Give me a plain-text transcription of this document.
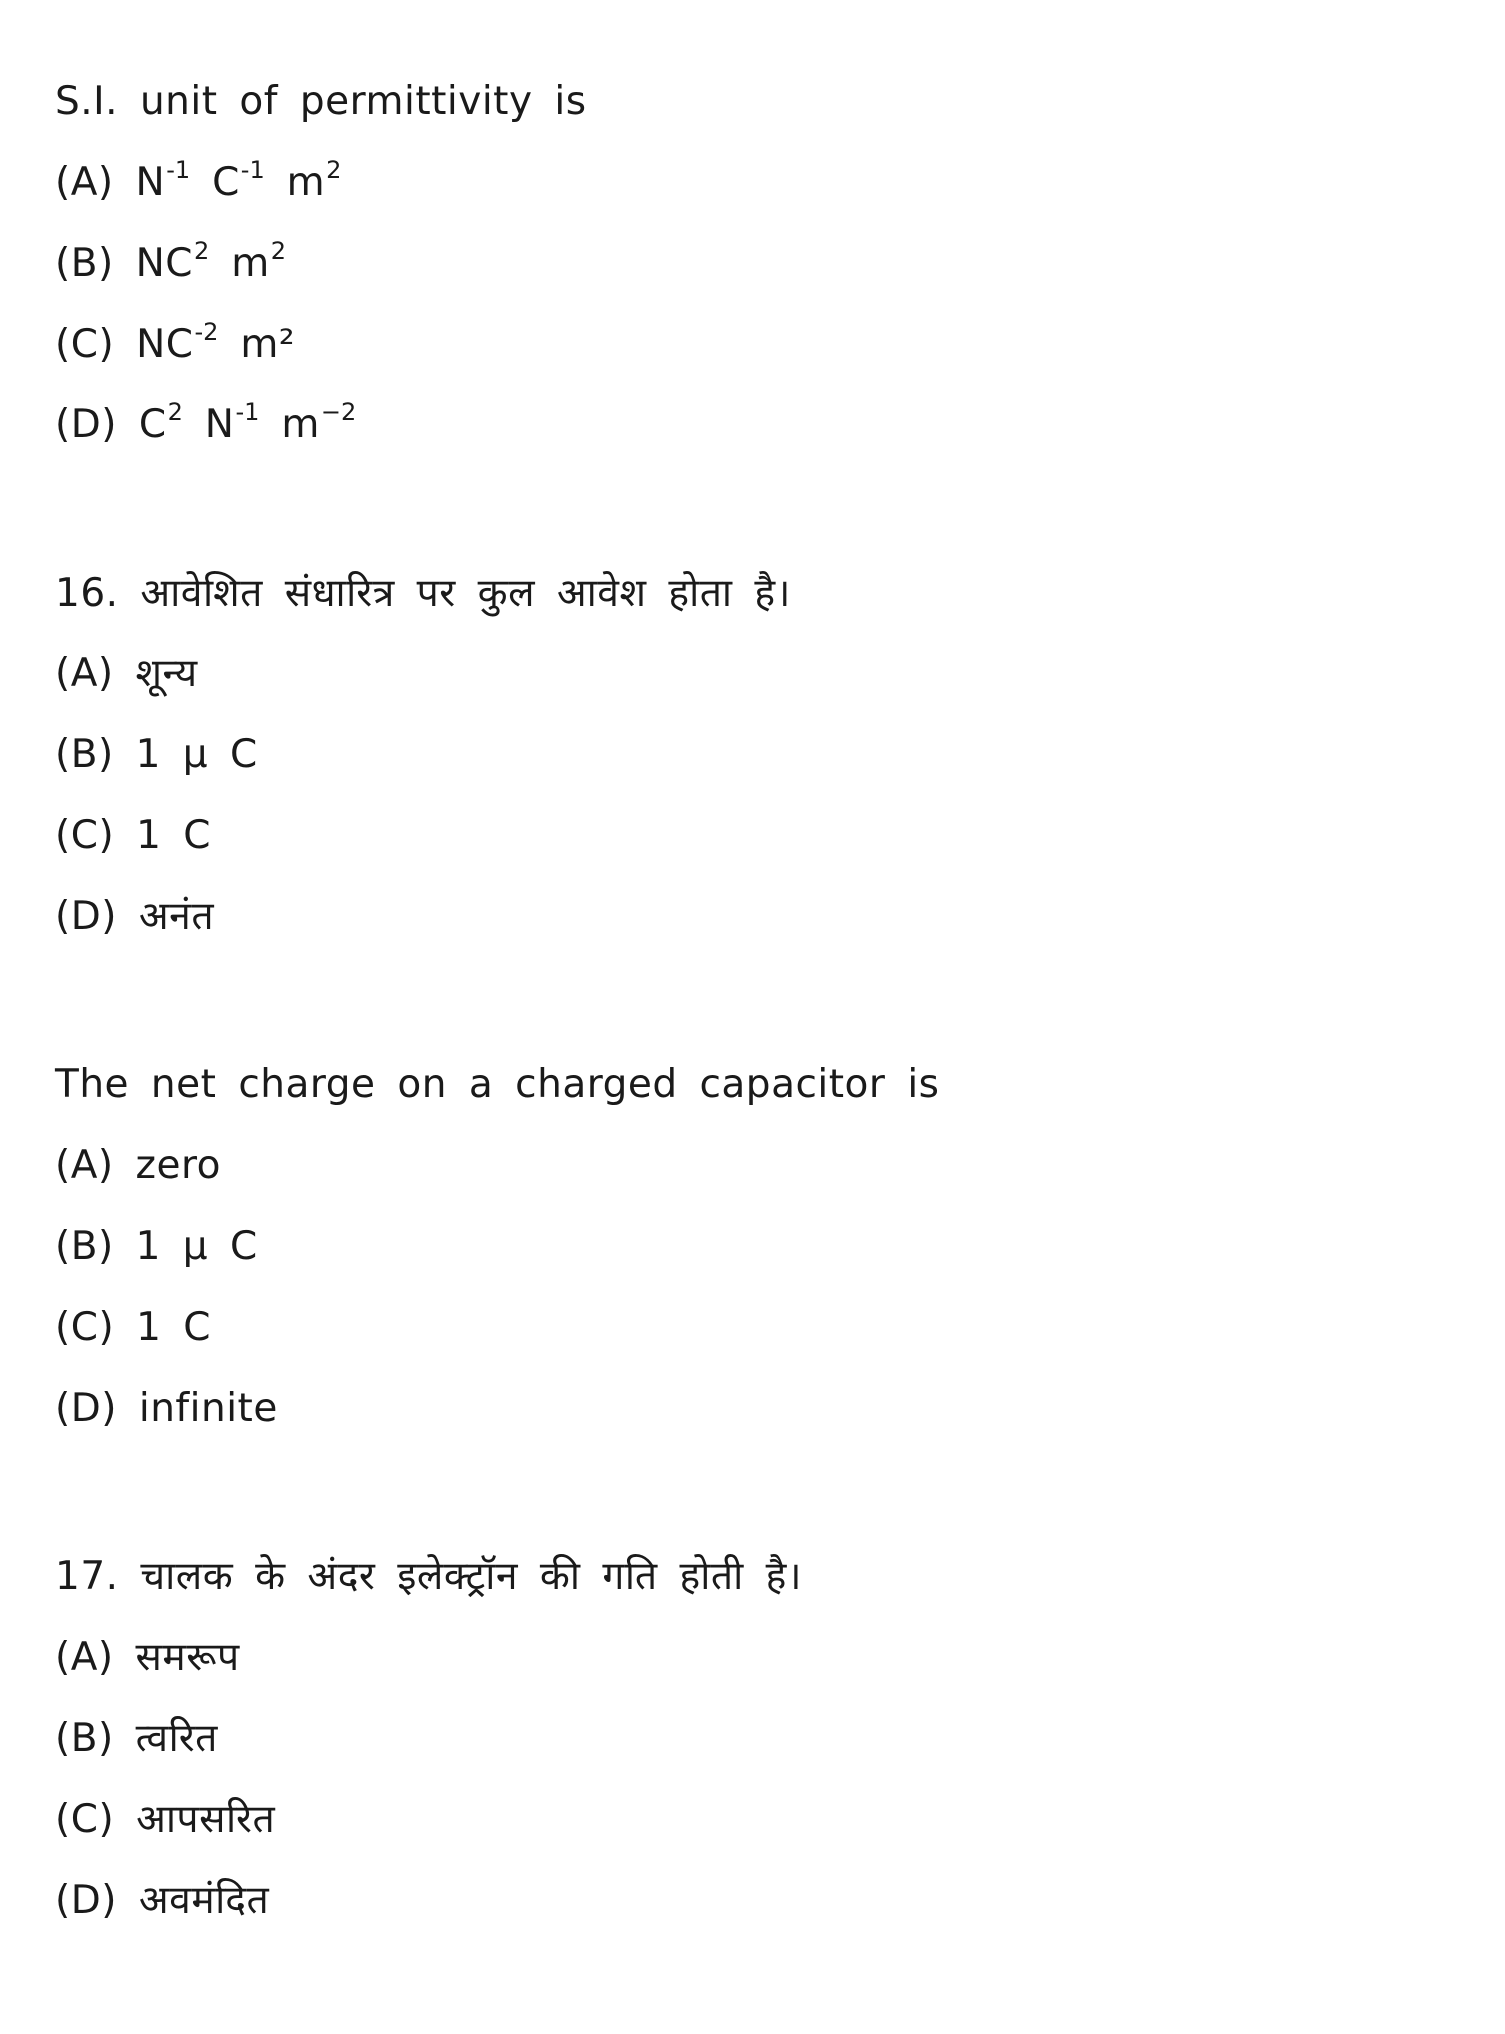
S.I. unit of permittivity is
(A) $N^{-1}$ $C^{-1}$ $m^2$
(B) $NC^2$ $m^2$
(C) $NC^{-2}$ m²
(D) $C^2$ $N^{-1}$ $m^{-2}$
16. आवेशित संधारित्र पर कुल आवेश होता है।
(A) शून्य
(B) 1 µ C
(C) 1 C
(D) अनंत
The net charge on a charged capacitor is
(A) zero
(B) 1 µ C
(C) 1 C
(D) infinite
17. चालक के अंदर इलेक्ट्रॉन की गति होती है।
(A) समरूप
(B) त्वरित
(C) आपसरित
(D) अवमंदित
